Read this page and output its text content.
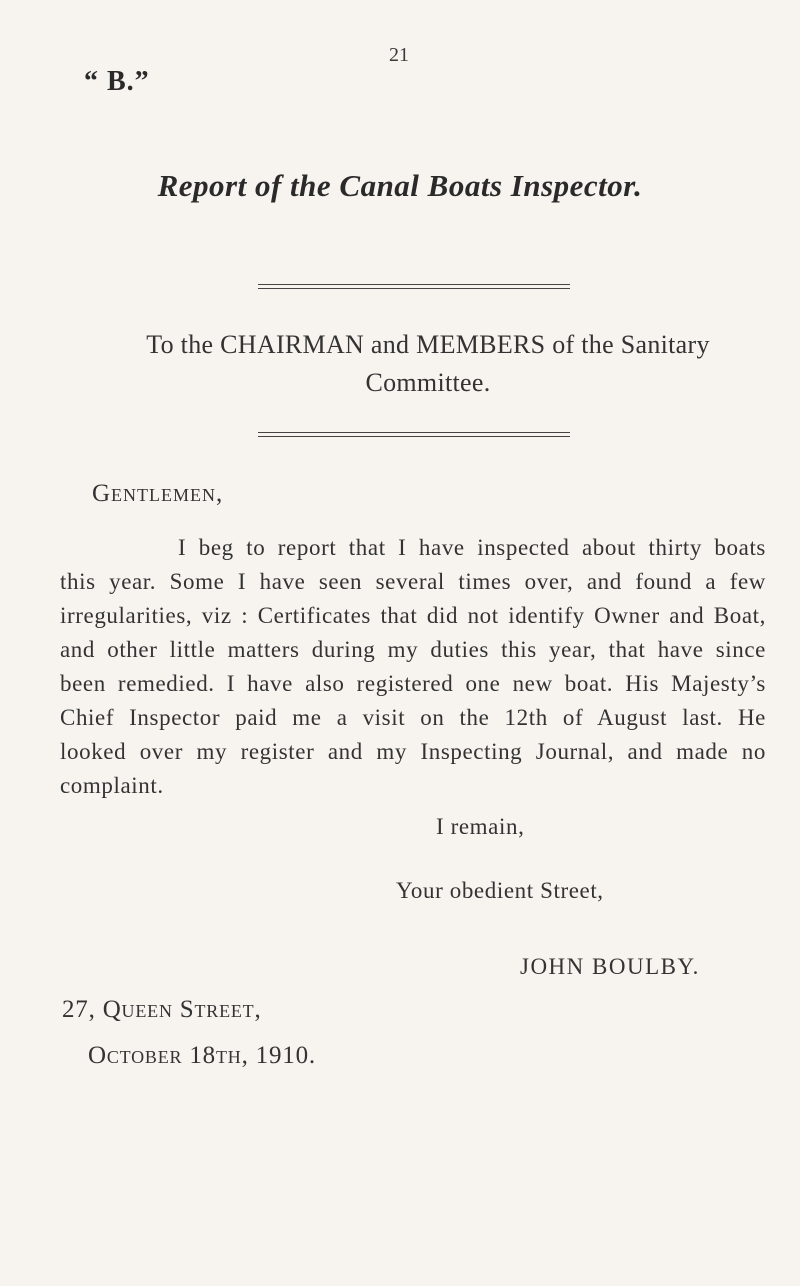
21
“ B.”
Report of the Canal Boats Inspector.
To the CHAIRMAN and MEMBERS of the Sanitary Committee.
Gentlemen,
I beg to report that I have inspected about thirty boats this year. Some I have seen several times over, and found a few irregularities, viz : Certificates that did not identify Owner and Boat, and other little matters during my duties this year, that have since been remedied. I have also registered one new boat. His Majesty’s Chief Inspector paid me a visit on the 12th of August last. He looked over my register and my Inspecting Journal, and made no complaint.
I remain,
Your obedient Street,
JOHN BOULBY.
27, Queen Street,
October 18th, 1910.
